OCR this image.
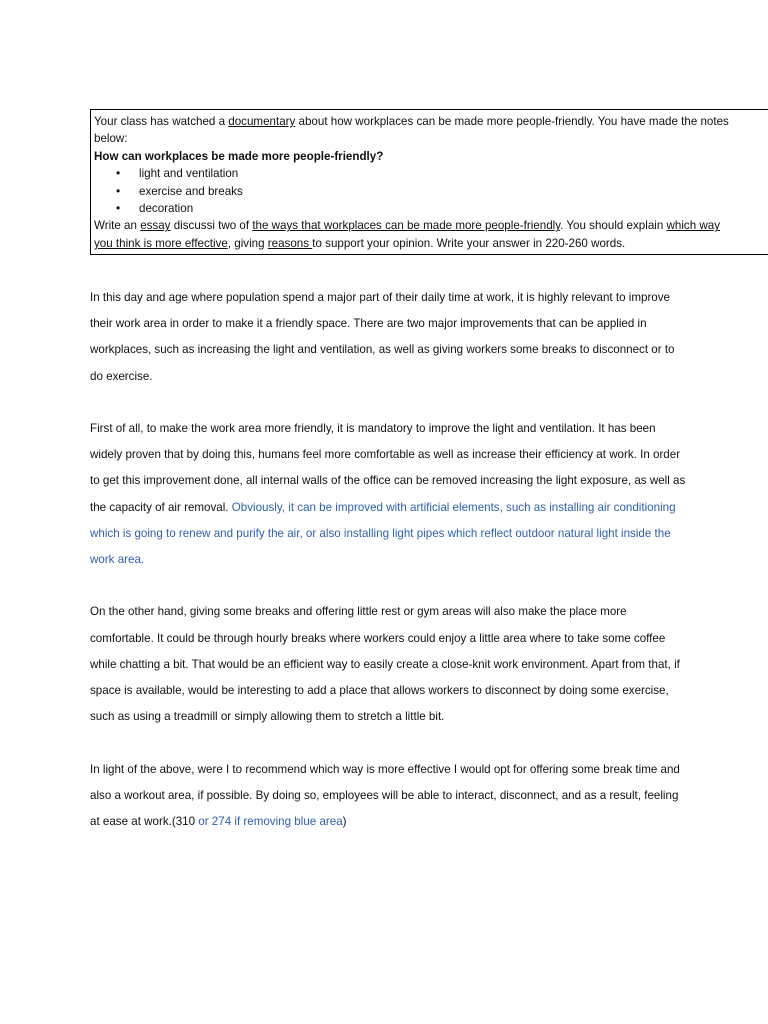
Your class has watched a documentary about how workplaces can be made more people-friendly. You have made the notes
below:
How can workplaces be made more people-friendly?
• light and ventilation
• exercise and breaks
• decoration
Write an essay discussi two of the ways that workplaces can be made more people-friendly. You should explain which way
you think is more effective, giving reasons to support your opinion. Write your answer in 220-260 words.

In this day and age where population spend a major part of their daily time at work, it is highly relevant to improve their work area in order to make it a friendly space. There are two major improvements that can be applied in workplaces, such as increasing the light and ventilation, as well as giving workers some breaks to disconnect or to do exercise.

First of all, to make the work area more friendly, it is mandatory to improve the light and ventilation. It has been widely proven that by doing this, humans feel more comfortable as well as increase their efficiency at work. In order to get this improvement done, all internal walls of the office can be removed increasing the light exposure, as well as the capacity of air removal. Obviously, it can be improved with artificial elements, such as installing air conditioning which is going to renew and purify the air, or also installing light pipes which reflect outdoor natural light inside the work area.

On the other hand, giving some breaks and offering little rest or gym areas will also make the place more comfortable. It could be through hourly breaks where workers could enjoy a little area where to take some coffee while chatting a bit. That would be an efficient way to easily create a close-knit work environment. Apart from that, if space is available, would be interesting to add a place that allows workers to disconnect by doing some exercise, such as using a treadmill or simply allowing them to stretch a little bit.

In light of the above, were I to recommend which way is more effective I would opt for offering some break time and also a workout area, if possible. By doing so, employees will be able to interact, disconnect, and as a result, feeling at ease at work.(310 or 274 if removing blue area)
